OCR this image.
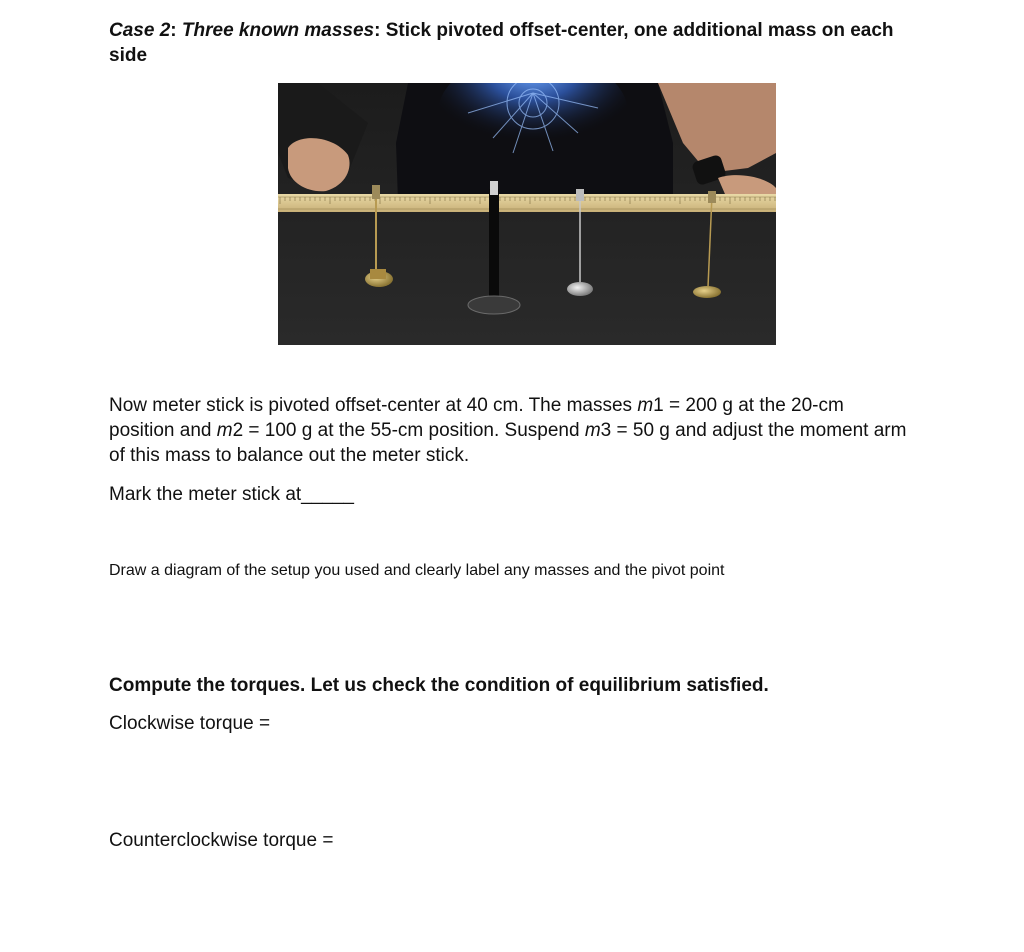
Case 2: Three known masses: Stick pivoted offset-center, one additional mass on each side
Now meter stick is pivoted offset-center at 40 cm. The masses m1 = 200 g at the 20-cm position and m2 = 100 g at the 55-cm position. Suspend m3 = 50 g and adjust the moment arm of this mass to balance out the meter stick.
Mark the meter stick at_____
Draw a diagram of the setup you used and clearly label any masses and the pivot point
Compute the torques. Let us check the condition of equilibrium satisfied.
Clockwise torque =
Counterclockwise torque =
